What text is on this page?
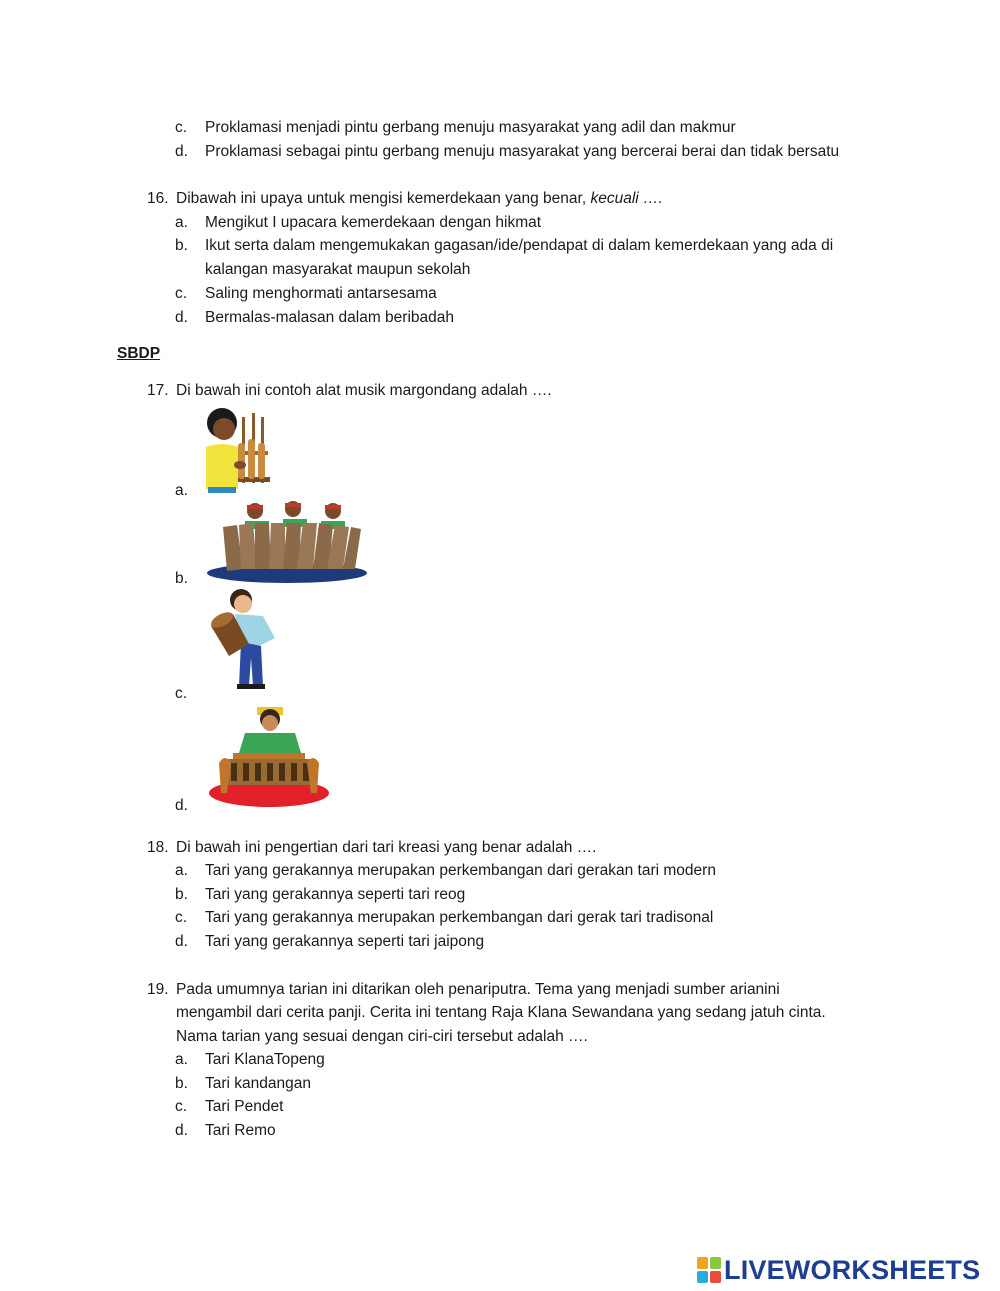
c. Proklamasi menjadi pintu gerbang menuju masyarakat yang adil dan makmur
d. Proklamasi sebagai pintu gerbang menuju masyarakat yang bercerai berai dan tidak bersatu
16. Dibawah ini upaya untuk mengisi kemerdekaan yang benar, kecuali ….
a. Mengikut I upacara kemerdekaan dengan hikmat
b. Ikut serta dalam mengemukakan gagasan/ide/pendapat di dalam kemerdekaan yang ada di
kalangan masyarakat maupun sekolah
c. Saling menghormati antarsesama
d. Bermalas-malasan dalam beribadah
SBDP
17. Di bawah ini contoh alat musik margondang adalah ….
a.
b.
c.
d.
18. Di bawah ini pengertian dari tari kreasi yang benar adalah ….
a. Tari yang gerakannya merupakan perkembangan dari gerakan tari modern
b. Tari yang gerakannya seperti tari reog
c. Tari yang gerakannya merupakan perkembangan dari gerak tari tradisonal
d. Tari yang gerakannya seperti tari jaipong
19. Pada umumnya tarian ini ditarikan oleh penariputra. Tema yang menjadi sumber arianini
mengambil dari cerita panji. Cerita ini tentang Raja Klana Sewandana yang sedang jatuh cinta.
Nama tarian yang sesuai dengan ciri-ciri tersebut adalah ….
a. Tari KlanaTopeng
b. Tari kandangan
c. Tari Pendet
d. Tari Remo
LIVEWORKSHEETS
